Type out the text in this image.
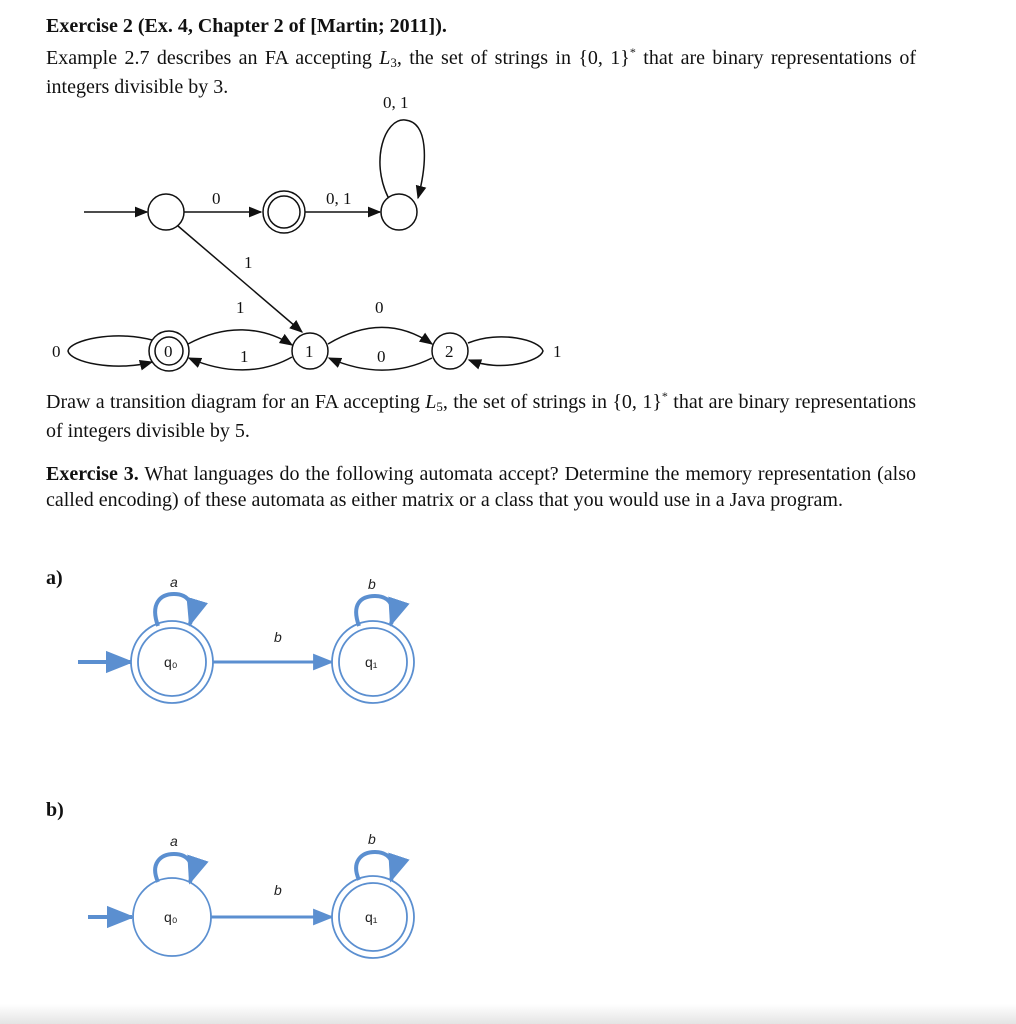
Exercise 2 (Ex. 4, Chapter 2 of [Martin; 2011]).
Example 2.7 describes an FA accepting $L_3$, the set of strings in {0, 1}* that are binary representations of integers divisible by 3.
0	0, 1
0, 1
1
0
0	1
1
1	2
0
0	1
Draw a transition diagram for an FA accepting $L_5$, the set of strings in {0, 1}* that are binary representations of integers divisible by 5.
Exercise 3. What languages do the following automata accept? Determine the memory representation (also called encoding) of these automata as either matrix or a class that you would use in a Java program.
a)
q₀
a
b
q₁
b
b)
q₀
a
b
q₁
b
